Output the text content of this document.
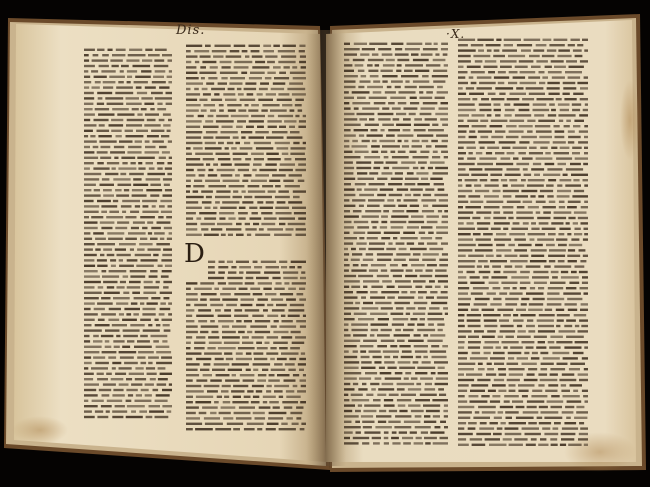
D
Dis.	·X.
